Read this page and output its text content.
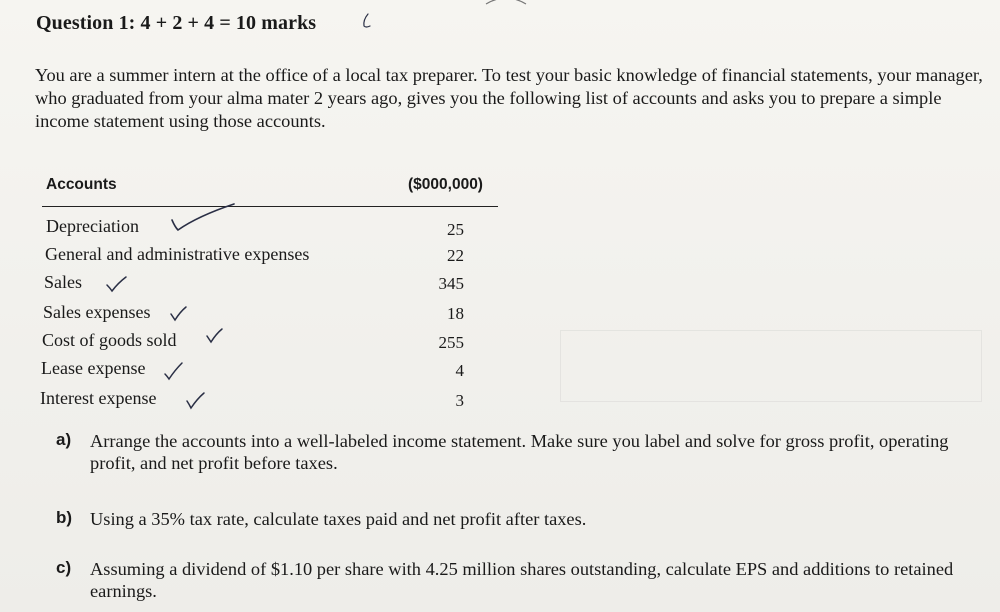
Question 1: 4 + 2 + 4 = 10 marks
You are a summer intern at the office of a local tax preparer. To test your basic knowledge of financial statements, your manager, who graduated from your alma mater 2 years ago, gives you the following list of accounts and asks you to prepare a simple income statement using those accounts.
Accounts	($000,000)
Depreciation	25
General and administrative expenses	22
Sales	345
Sales expenses	18
Cost of goods sold	255
Lease expense	4
Interest expense	3
a) Arrange the accounts into a well-labeled income statement. Make sure you label and solve for gross profit, operating profit, and net profit before taxes.
b) Using a 35% tax rate, calculate taxes paid and net profit after taxes.
c) Assuming a dividend of $1.10 per share with 4.25 million shares outstanding, calculate EPS and additions to retained earnings.
